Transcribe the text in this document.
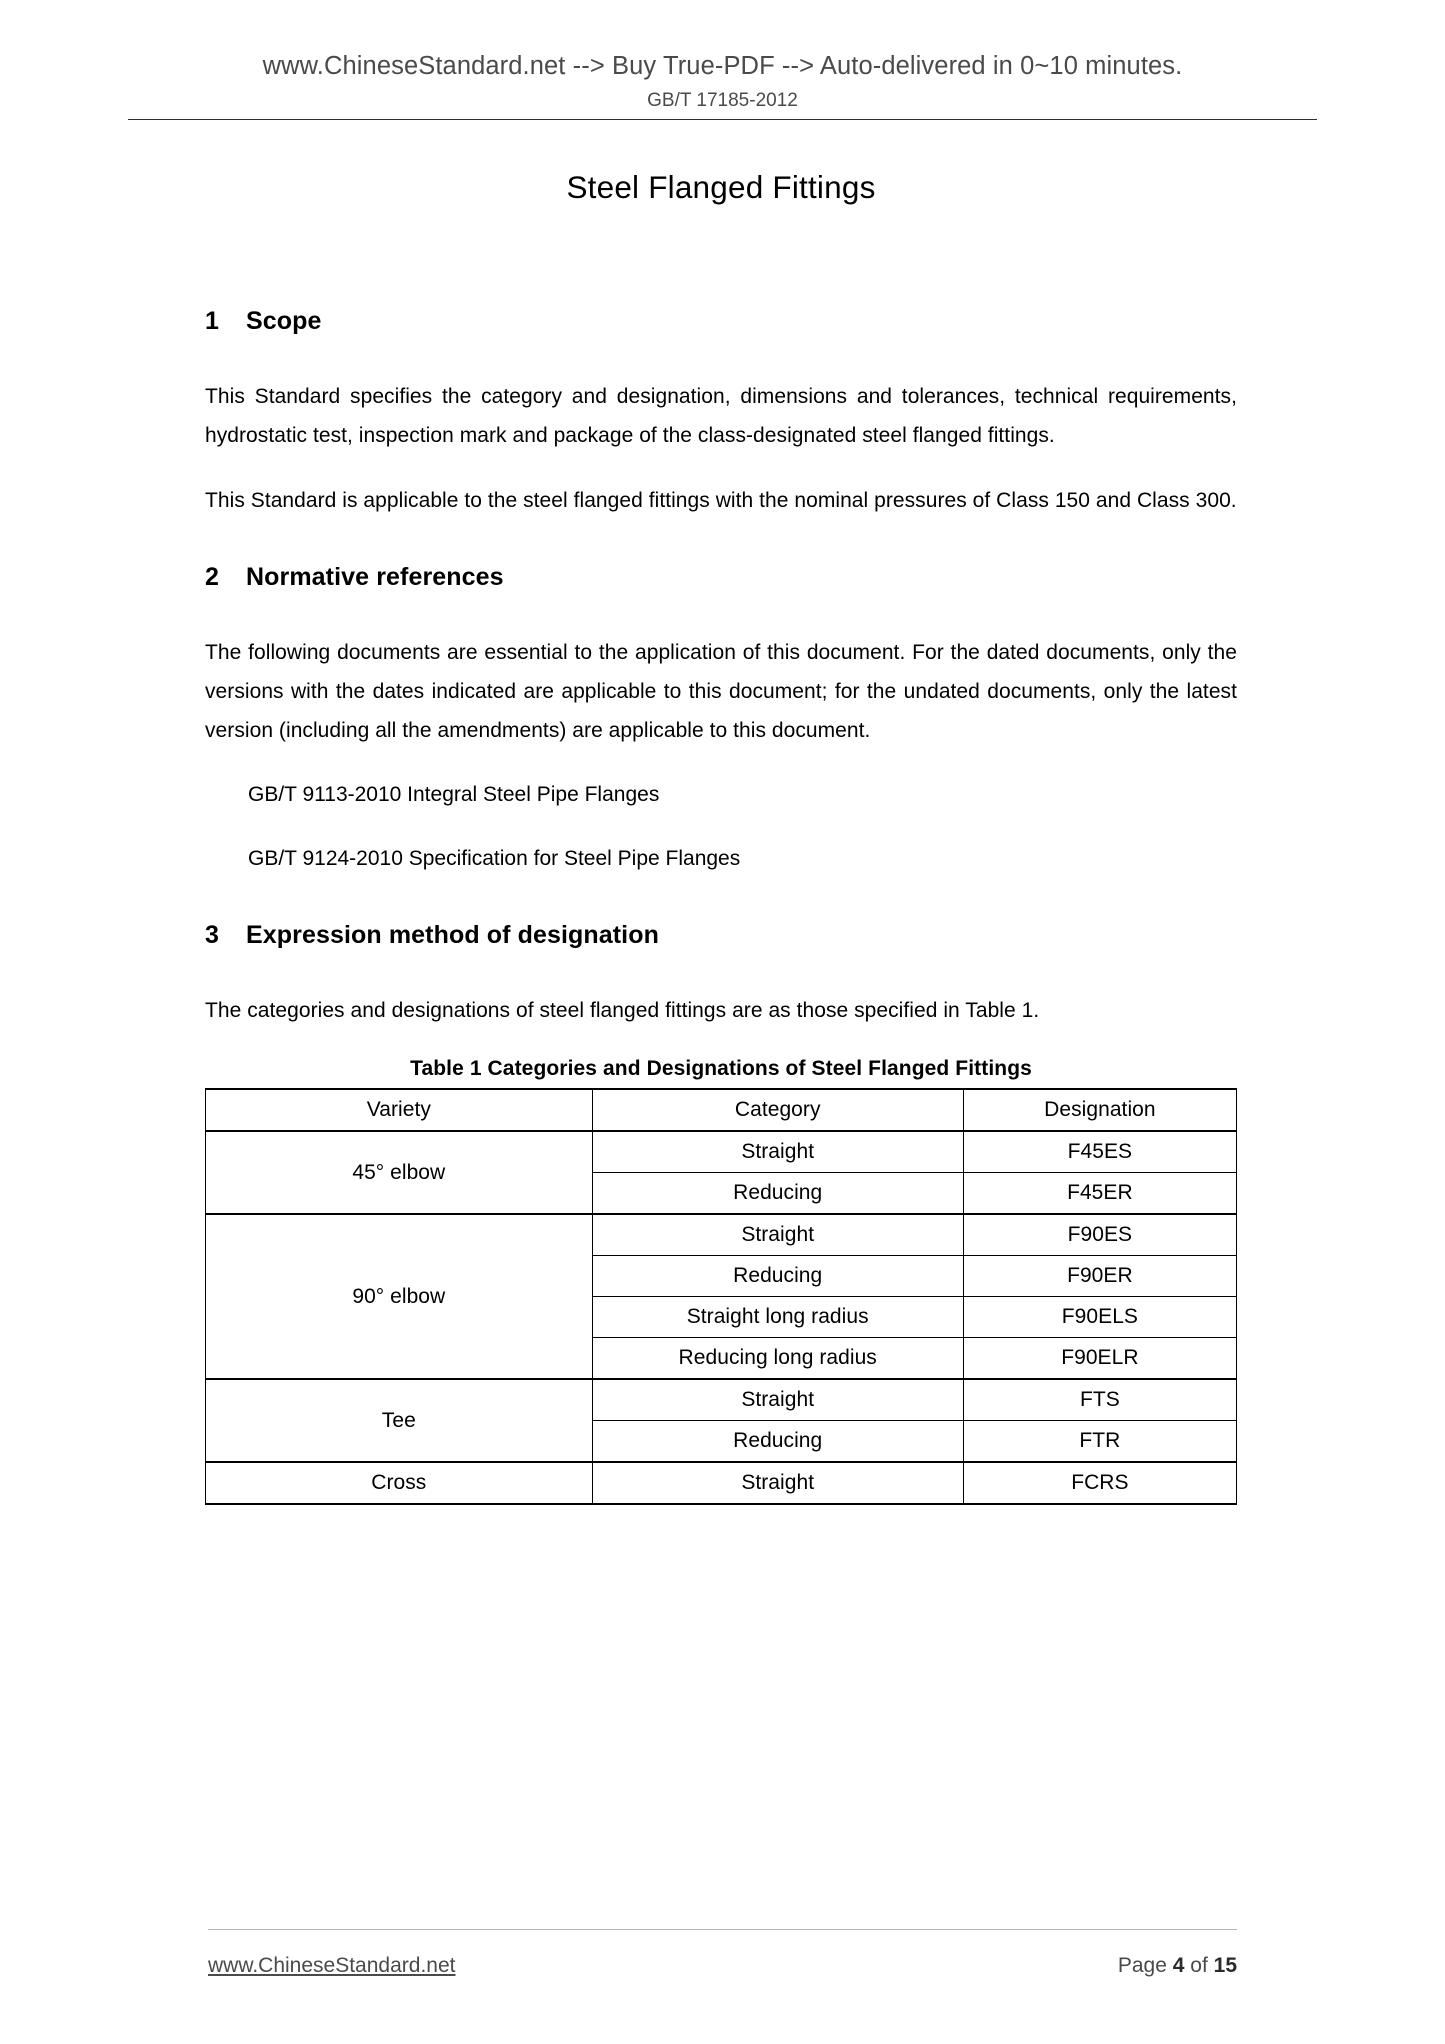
www.ChineseStandard.net --> Buy True-PDF --> Auto-delivered in 0~10 minutes.
GB/T 17185-2012
Steel Flanged Fittings
1 Scope

This Standard specifies the category and designation, dimensions and tolerances, technical requirements, hydrostatic test, inspection mark and package of the class-designated steel flanged fittings.

This Standard is applicable to the steel flanged fittings with the nominal pressures of Class 150 and Class 300.

2 Normative references

The following documents are essential to the application of this document. For the dated documents, only the versions with the dates indicated are applicable to this document; for the undated documents, only the latest version (including all the amendments) are applicable to this document.

GB/T 9113-2010 Integral Steel Pipe Flanges

GB/T 9124-2010 Specification for Steel Pipe Flanges

3 Expression method of designation

The categories and designations of steel flanged fittings are as those specified in Table 1.

Table 1 Categories and Designations of Steel Flanged Fittings
Variety	Category	Designation
45° elbow	Straight	F45ES
	Reducing	F45ER
90° elbow	Straight	F90ES
	Reducing	F90ER
	Straight long radius	F90ELS
	Reducing long radius	F90ELR
Tee	Straight	FTS
	Reducing	FTR
Cross	Straight	FCRS
www.ChineseStandard.net	Page 4 of 15
